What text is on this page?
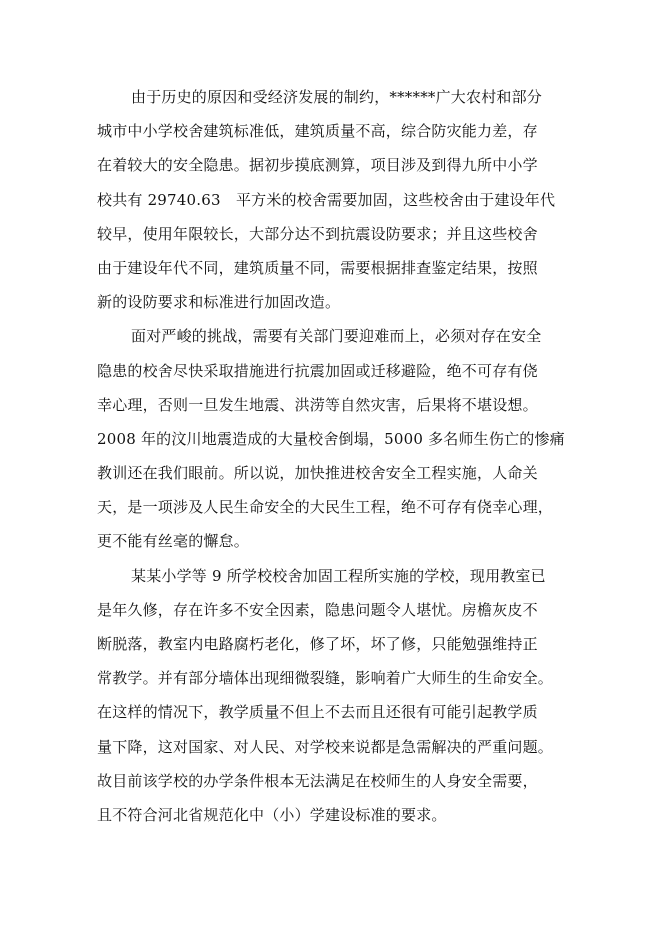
由于历史的原因和受经济发展的制约，******广大农村和部分
城市中小学校舍建筑标准低，建筑质量不高，综合防灾能力差，存
在着较大的安全隐患。据初步摸底测算，项目涉及到得九所中小学
校共有 29740.63　平方米的校舍需要加固，这些校舍由于建设年代
较早，使用年限较长，大部分达不到抗震设防要求；并且这些校舍
由于建设年代不同，建筑质量不同，需要根据排查鉴定结果，按照
新的设防要求和标准进行加固改造。
面对严峻的挑战，需要有关部门要迎难而上，必须对存在安全
隐患的校舍尽快采取措施进行抗震加固或迁移避险，绝不可存有侥
幸心理，否则一旦发生地震、洪涝等自然灾害，后果将不堪设想。
2008 年的汶川地震造成的大量校舍倒塌，5000 多名师生伤亡的惨痛
教训还在我们眼前。所以说，加快推进校舍安全工程实施，人命关
天，是一项涉及人民生命安全的大民生工程，绝不可存有侥幸心理，
更不能有丝毫的懈怠。
某某小学等 9 所学校校舍加固工程所实施的学校，现用教室已
是年久修，存在许多不安全因素，隐患问题令人堪忧。房檐灰皮不
断脱落，教室内电路腐朽老化，修了坏，坏了修，只能勉强维持正
常教学。并有部分墙体出现细微裂缝，影响着广大师生的生命安全。
在这样的情况下，教学质量不但上不去而且还很有可能引起教学质
量下降，这对国家、对人民、对学校来说都是急需解决的严重问题。
故目前该学校的办学条件根本无法满足在校师生的人身安全需要，
且不符合河北省规范化中（小）学建设标准的要求。
